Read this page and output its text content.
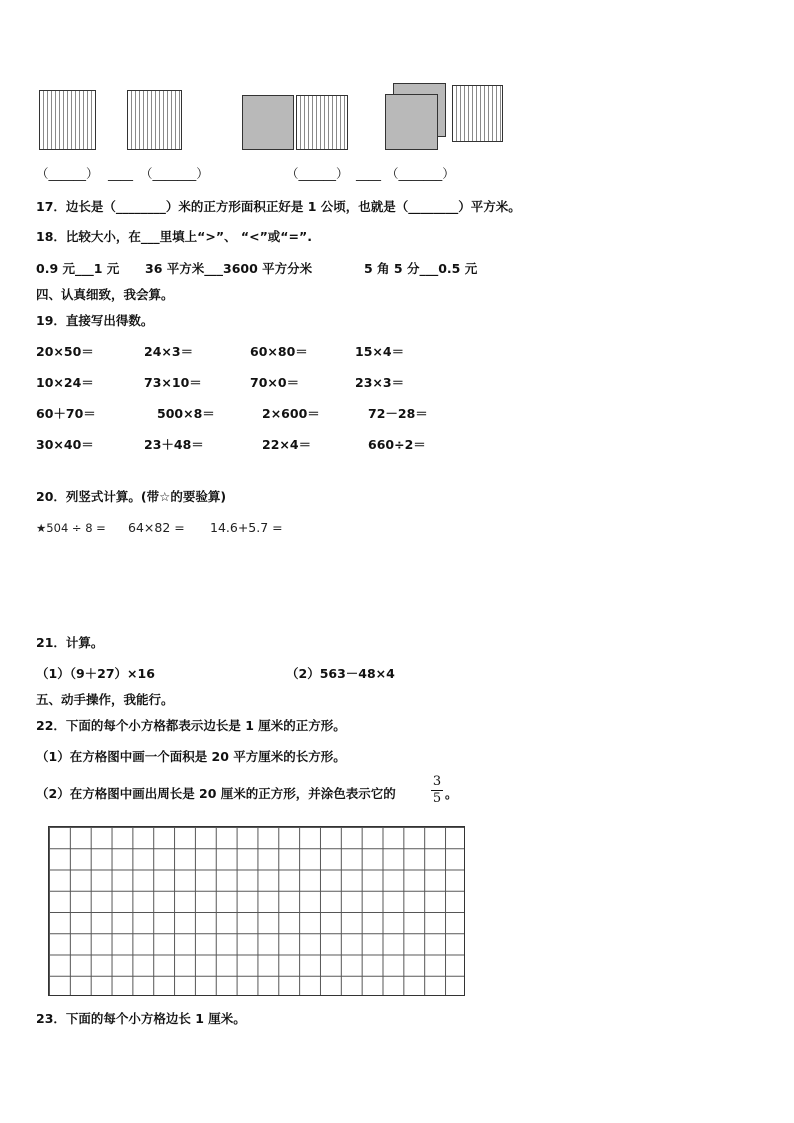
（______） ____ （_______）	（______） ____ （_______）
17．边长是（________）米的正方形面积正好是 1 公顷，也就是（________）平方米。
18．比较大小，在___里填上“>”、 “<”或“=”.
0.9 元___1 元 36 平方米___3600 平方分米	5 角 5 分___0.5 元
四、认真细致，我会算。
19．直接写出得数。
20×50＝	24×3＝	60×80＝	15×4＝
10×24＝	73×10＝	70×0＝	23×3＝
60＋70＝	500×8＝	2×600＝	72－28＝
30×40＝	23＋48＝	22×4＝	660÷2＝
20．列竖式计算。(带☆的要验算)
★504 ÷ 8 = 64×82 = 14.6+5.7 =
21．计算。
（1）（9＋27）×16	（2）563－48×4
五、动手操作，我能行。
22．下面的每个小方格都表示边长是 1 厘米的正方形。
（1）在方格图中画一个面积是 20 平方厘米的长方形。
（2）在方格图中画出周长是 20 厘米的正方形，并涂色表示它的
3
5 。
23．下面的每个小方格边长 1 厘米。
